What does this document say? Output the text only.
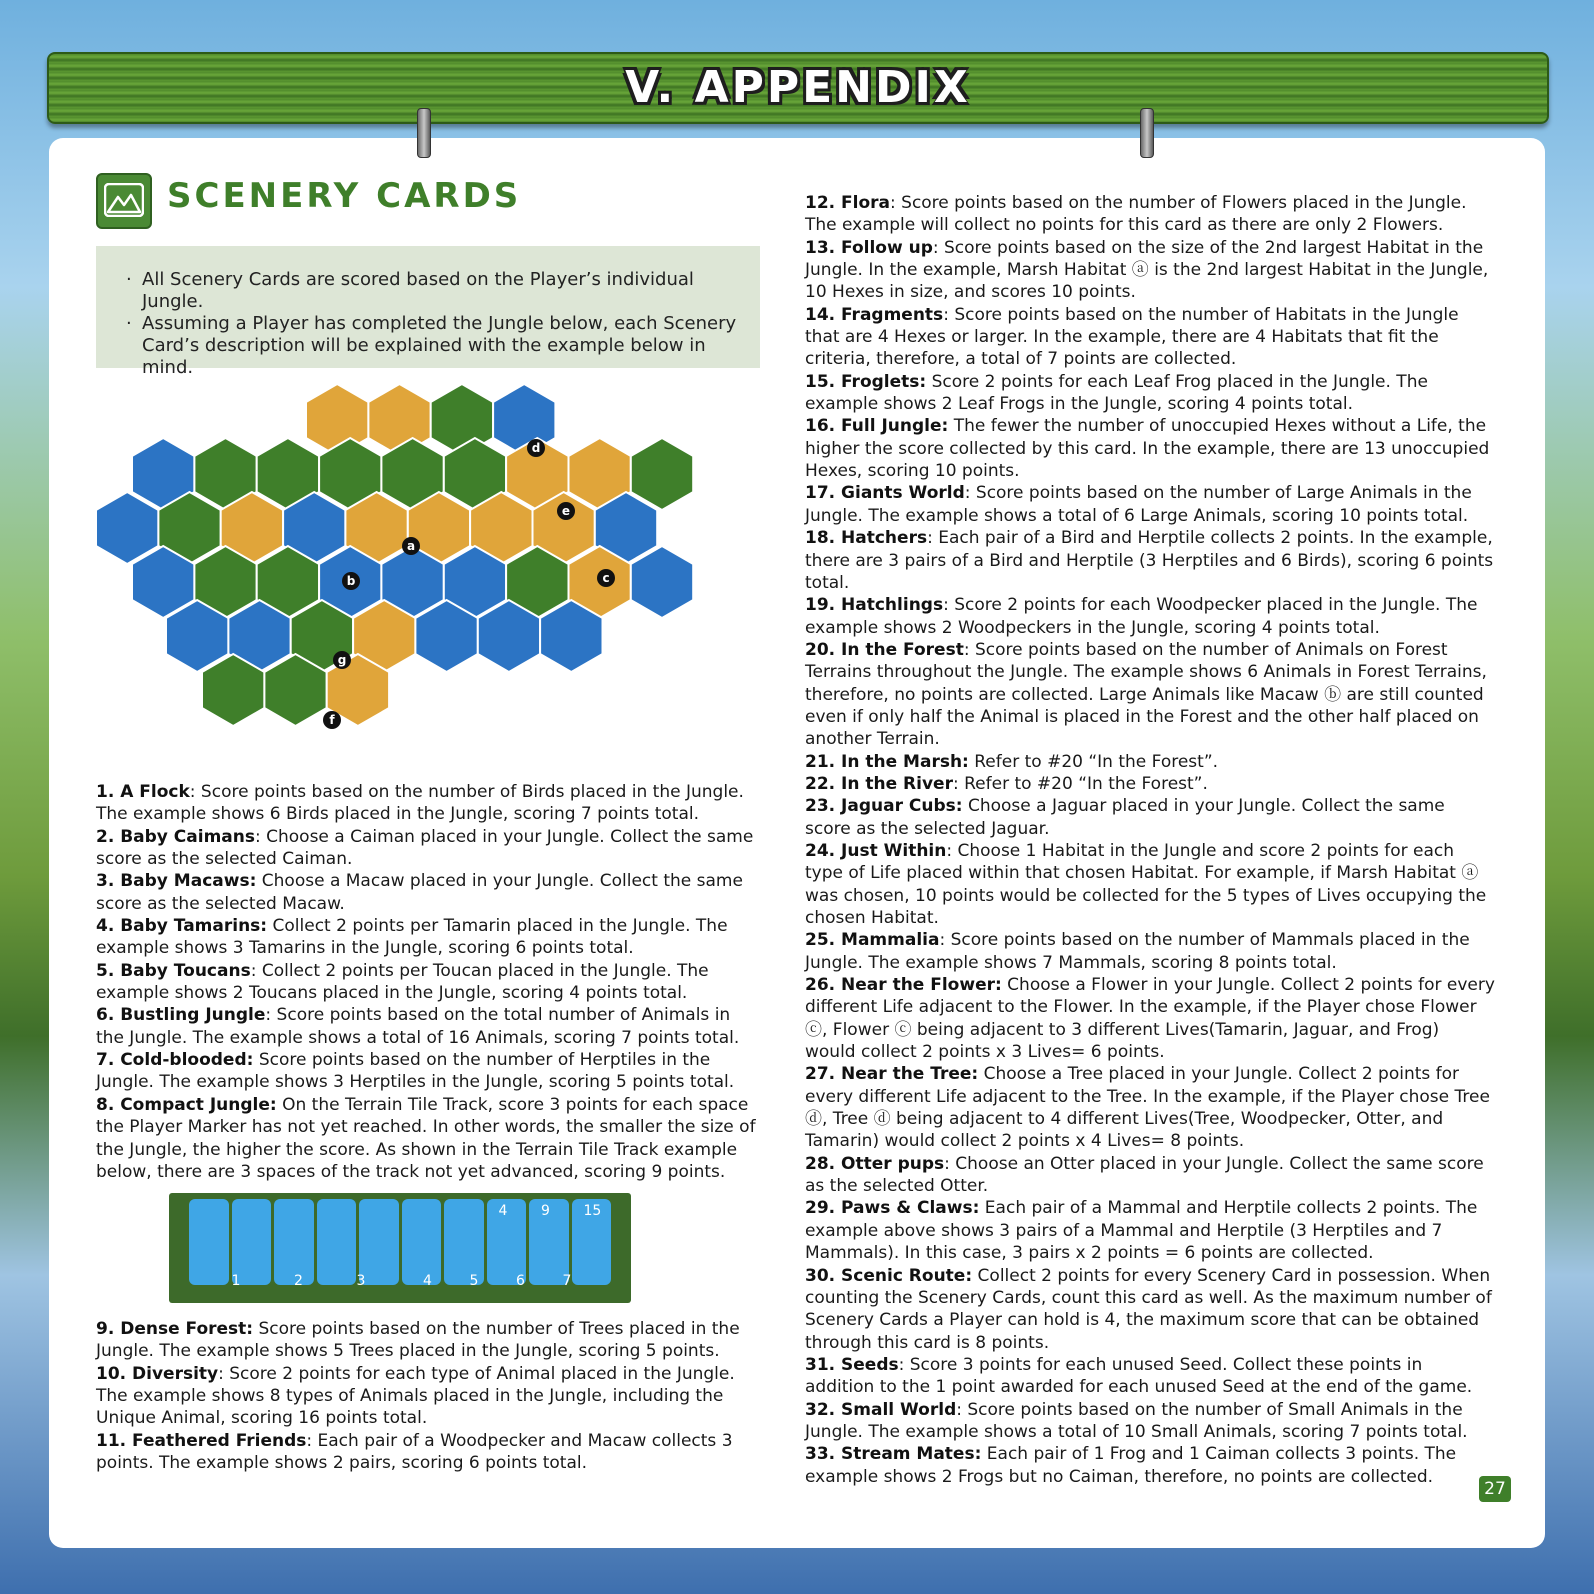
V. APPENDIX
SCENERY CARDS
· All Scenery Cards are scored based on the Player’s individual Jungle.
· Assuming a Player has completed the Jungle below, each Scenery Card’s description will be explained with the example below in mind.
a
b	c
d
e
f
g

1. A Flock: Score points based on the number of Birds placed in the Jungle. The example shows 6 Birds placed in the Jungle, scoring 7 points total.

2. Baby Caimans: Choose a Caiman placed in your Jungle. Collect the same score as the selected Caiman.

3. Baby Macaws: Choose a Macaw placed in your Jungle. Collect the same score as the selected Macaw.

4. Baby Tamarins: Collect 2 points per Tamarin placed in the Jungle. The example shows 3 Tamarins in the Jungle, scoring 6 points total.

5. Baby Toucans: Collect 2 points per Toucan placed in the Jungle. The example shows 2 Toucans placed in the Jungle, scoring 4 points total.

6. Bustling Jungle: Score points based on the total number of Animals in the Jungle. The example shows a total of 16 Animals, scoring 7 points total.

7. Cold-blooded: Score points based on the number of Herptiles in the Jungle. The example shows 3 Herptiles in the Jungle, scoring 5 points total.

8. Compact Jungle: On the Terrain Tile Track, score 3 points for each space the Player Marker has not yet reached. In other words, the smaller the size of the Jungle, the higher the score. As shown in the Terrain Tile Track example below, there are 3 spaces of the track not yet advanced, scoring 9 points.

4 9 15
1	2	3	4	5	6	7

9. Dense Forest: Score points based on the number of Trees placed in the Jungle. The example shows 5 Trees placed in the Jungle, scoring 5 points.

10. Diversity: Score 2 points for each type of Animal placed in the Jungle. The example shows 8 types of Animals placed in the Jungle, including the Unique Animal, scoring 16 points total.

11. Feathered Friends: Each pair of a Woodpecker and Macaw collects 3 points. The example shows 2 pairs, scoring 6 points total.

12. Flora: Score points based on the number of Flowers placed in the Jungle. The example will collect no points for this card as there are only 2 Flowers.

13. Follow up: Score points based on the size of the 2nd largest Habitat in the Jungle. In the example, Marsh Habitat ⓐ is the 2nd largest Habitat in the Jungle, 10 Hexes in size, and scores 10 points.

14. Fragments: Score points based on the number of Habitats in the Jungle that are 4 Hexes or larger. In the example, there are 4 Habitats that fit the criteria, therefore, a total of 7 points are collected.

15. Froglets: Score 2 points for each Leaf Frog placed in the Jungle. The example shows 2 Leaf Frogs in the Jungle, scoring 4 points total.

16. Full Jungle: The fewer the number of unoccupied Hexes without a Life, the higher the score collected by this card. In the example, there are 13 unoccupied Hexes, scoring 10 points.

17. Giants World: Score points based on the number of Large Animals in the Jungle. The example shows a total of 6 Large Animals, scoring 10 points total.

18. Hatchers: Each pair of a Bird and Herptile collects 2 points. In the example, there are 3 pairs of a Bird and Herptile (3 Herptiles and 6 Birds), scoring 6 points total.

19. Hatchlings: Score 2 points for each Woodpecker placed in the Jungle. The example shows 2 Woodpeckers in the Jungle, scoring 4 points total.

20. In the Forest: Score points based on the number of Animals on Forest Terrains throughout the Jungle. The example shows 6 Animals in Forest Terrains, therefore, no points are collected. Large Animals like Macaw ⓑ are still counted even if only half the Animal is placed in the Forest and the other half placed on another Terrain.

21. In the Marsh: Refer to #20 “In the Forest”.

22. In the River: Refer to #20 “In the Forest”.

23. Jaguar Cubs: Choose a Jaguar placed in your Jungle. Collect the same score as the selected Jaguar.

24. Just Within: Choose 1 Habitat in the Jungle and score 2 points for each type of Life placed within that chosen Habitat. For example, if Marsh Habitat ⓐ was chosen, 10 points would be collected for the 5 types of Lives occupying the chosen Habitat.

25. Mammalia: Score points based on the number of Mammals placed in the Jungle. The example shows 7 Mammals, scoring 8 points total.

26. Near the Flower: Choose a Flower in your Jungle. Collect 2 points for every different Life adjacent to the Flower. In the example, if the Player chose Flower ⓒ, Flower ⓒ being adjacent to 3 different Lives(Tamarin, Jaguar, and Frog) would collect 2 points x 3 Lives= 6 points.

27. Near the Tree: Choose a Tree placed in your Jungle. Collect 2 points for every different Life adjacent to the Tree. In the example, if the Player chose Tree ⓓ, Tree ⓓ being adjacent to 4 different Lives(Tree, Woodpecker, Otter, and Tamarin) would collect 2 points x 4 Lives= 8 points.

28. Otter pups: Choose an Otter placed in your Jungle. Collect the same score as the selected Otter.

29. Paws & Claws: Each pair of a Mammal and Herptile collects 2 points. The example above shows 3 pairs of a Mammal and Herptile (3 Herptiles and 7 Mammals). In this case, 3 pairs x 2 points = 6 points are collected.

30. Scenic Route: Collect 2 points for every Scenery Card in possession. When counting the Scenery Cards, count this card as well. As the maximum number of Scenery Cards a Player can hold is 4, the maximum score that can be obtained through this card is 8 points.

31. Seeds: Score 3 points for each unused Seed. Collect these points in addition to the 1 point awarded for each unused Seed at the end of the game.

32. Small World: Score points based on the number of Small Animals in the Jungle. The example shows a total of 10 Small Animals, scoring 7 points total.

33. Stream Mates: Each pair of 1 Frog and 1 Caiman collects 3 points. The example shows 2 Frogs but no Caiman, therefore, no points are collected.

27
